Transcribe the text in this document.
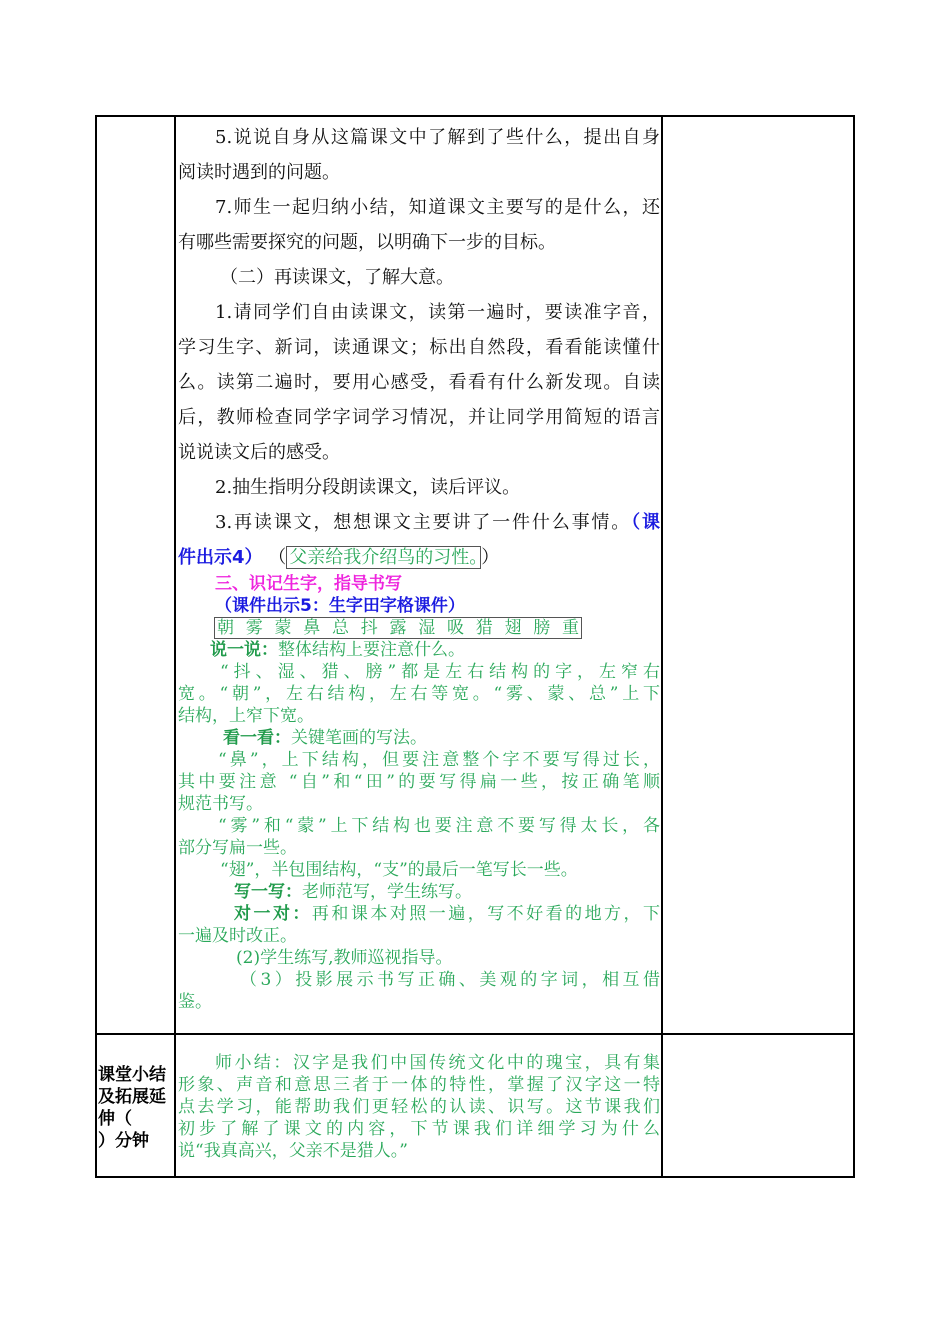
5.说说自身从这篇课文中了解到了些什么，提出自身
阅读时遇到的问题。
7.师生一起归纳小结，知道课文主要写的是什么，还
有哪些需要探究的问题，以明确下一步的目标。
（二）再读课文，了解大意。
1.请同学们自由读课文，读第一遍时，要读准字音，
学习生字、新词，读通课文；标出自然段，看看能读懂什
么。读第二遍时，要用心感受，看看有什么新发现。自读
后，教师检查同学字词学习情况，并让同学用简短的语言
说说读文后的感受。
2.抽生指明分段朗读课文，读后评议。
3.再读课文，想想课文主要讲了一件什么事情。（课
件出示4） （ 父亲给我介绍鸟的习性。 ）
三、识记生字，指导书写
（课件出示5：生字田字格课件）
朝 雾 蒙 鼻 总 抖 露 湿 吸 猎 翅 膀 重
说一说：整体结构上要注意什么。
“抖、湿、猎、膀”都是左右结构的字，左窄右
宽。“朝”，左右结构，左右等宽。“雾、蒙、总”上下
结构，上窄下宽。
看一看：关键笔画的写法。
“鼻”，上下结构，但要注意整个字不要写得过长，
其中要注意 “自”和“田”的要写得扁一些，按正确笔顺
规范书写。
“雾”和“蒙”上下结构也要注意不要写得太长，各
部分写扁一些。
“翅”，半包围结构，“支”的最后一笔写长一些。
写一写：老师范写，学生练写。
对一对：再和课本对照一遍，写不好看的地方，下
一遍及时改正。
(2)学生练写,教师巡视指导。
（3）投影展示书写正确、美观的字词，相互借
鉴。
课堂小结
及拓展延
伸（
）分钟
师小结：汉字是我们中国传统文化中的瑰宝，具有集
形象、声音和意思三者于一体的特性，掌握了汉字这一特
点去学习，能帮助我们更轻松的认读、识写。这节课我们
初步了解了课文的内容，下节课我们详细学习为什么
说“我真高兴，父亲不是猎人。”
